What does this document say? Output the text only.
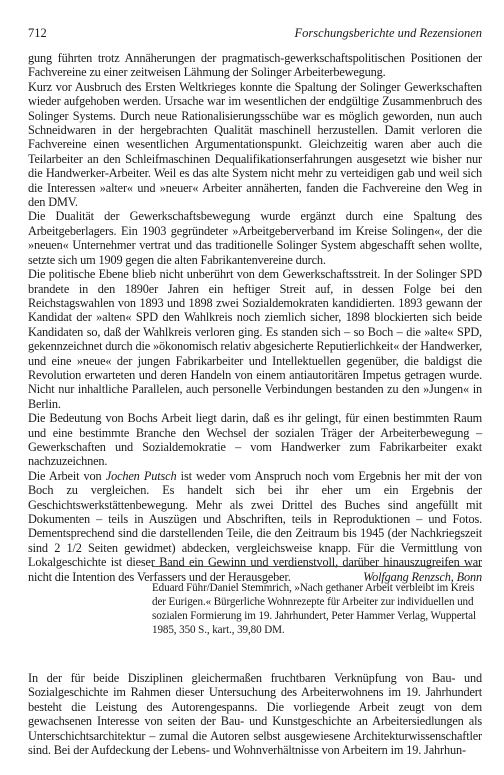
712	Forschungsberichte und Rezensionen

gung führten trotz Annäherungen der pragmatisch-gewerkschaftspolitischen Positionen der Fachvereine zu einer zeitweisen Lähmung der Solinger Arbeiterbewegung.

Kurz vor Ausbruch des Ersten Weltkrieges konnte die Spaltung der Solinger Gewerkschaften wieder aufgehoben werden. Ursache war im wesentlichen der endgültige Zusammenbruch des Solinger Systems. Durch neue Rationalisierungsschübe war es möglich geworden, nun auch Schneidwaren in der hergebrachten Qualität maschinell herzustellen. Damit verloren die Fachvereine einen wesentlichen Argumentationspunkt. Gleichzeitig waren aber auch die Teilarbeiter an den Schleifmaschinen Dequalifikationserfahrungen ausgesetzt wie bisher nur die Handwerker-Arbeiter. Weil es das alte System nicht mehr zu verteidigen gab und weil sich die Interessen »alter« und »neuer« Arbeiter annäherten, fanden die Fachvereine den Weg in den DMV.

Die Dualität der Gewerkschaftsbewegung wurde ergänzt durch eine Spaltung des Arbeitgeberlagers. Ein 1903 gegründeter »Arbeitgeberverband im Kreise Solingen«, der die »neuen« Unternehmer vertrat und das traditionelle Solinger System abgeschafft sehen wollte, setzte sich um 1909 gegen die alten Fabrikantenvereine durch.

Die politische Ebene blieb nicht unberührt von dem Gewerkschaftsstreit. In der Solinger SPD brandete in den 1890er Jahren ein heftiger Streit auf, in dessen Folge bei den Reichstagswahlen von 1893 und 1898 zwei Sozialdemokraten kandidierten. 1893 gewann der Kandidat der »alten« SPD den Wahlkreis noch ziemlich sicher, 1898 blockierten sich beide Kandidaten so, daß der Wahlkreis verloren ging. Es standen sich – so Boch – die »alte« SPD, gekennzeichnet durch die »ökonomisch relativ abgesicherte Reputierlichkeit« der Handwerker, und eine »neue« der jungen Fabrikarbeiter und Intellektuellen gegenüber, die baldigst die Revolution erwarteten und deren Handeln von einem antiautoritären Impetus getragen wurde. Nicht nur inhaltliche Parallelen, auch personelle Verbindungen bestanden zu den »Jungen« in Berlin.

Die Bedeutung von Bochs Arbeit liegt darin, daß es ihr gelingt, für einen bestimmten Raum und eine bestimmte Branche den Wechsel der sozialen Träger der Arbeiterbewegung – Gewerkschaften und Sozialdemokratie – vom Handwerker zum Fabrikarbeiter exakt nachzuzeichnen.

Die Arbeit von Jochen Putsch ist weder vom Anspruch noch vom Ergebnis her mit der von Boch zu vergleichen. Es handelt sich bei ihr eher um ein Ergebnis der Geschichtswerkstättenbewegung. Mehr als zwei Drittel des Buches sind angefüllt mit Dokumenten – teils in Auszügen und Abschriften, teils in Reproduktionen – und Fotos. Dementsprechend sind die darstellenden Teile, die den Zeitraum bis 1945 (der Nachkriegszeit sind 2 1/2 Seiten gewidmet) abdecken, vergleichsweise knapp. Für die Vermittlung von Lokalgeschichte ist dieser Band ein Gewinn und verdienstvoll, darüber hinauszugreifen war nicht die Intention des Verfassers und der Herausgeber.	Wolfgang Renzsch, Bonn

Eduard Führ/Daniel Stemmrich, »Nach gethaner Arbeit verbleibt im Kreis der Eurigen.« Bürgerliche Wohnrezepte für Arbeiter zur individuellen und sozialen Formierung im 19. Jahrhundert, Peter Hammer Verlag, Wuppertal 1985, 350 S., kart., 39,80 DM.

In der für beide Disziplinen gleichermaßen fruchtbaren Verknüpfung von Bau- und Sozialgeschichte im Rahmen dieser Untersuchung des Arbeiterwohnens im 19. Jahrhundert besteht die Leistung des Autorengespanns. Die vorliegende Arbeit zeugt von dem gewachsenen Interesse von seiten der Bau- und Kunstgeschichte an Arbeitersiedlungen als Unterschichtsarchitektur – zumal die Autoren selbst ausgewiesene Architekturwissenschaftler sind. Bei der Aufdeckung der Lebens- und Wohnverhältnisse von Arbeitern im 19. Jahrhun-
